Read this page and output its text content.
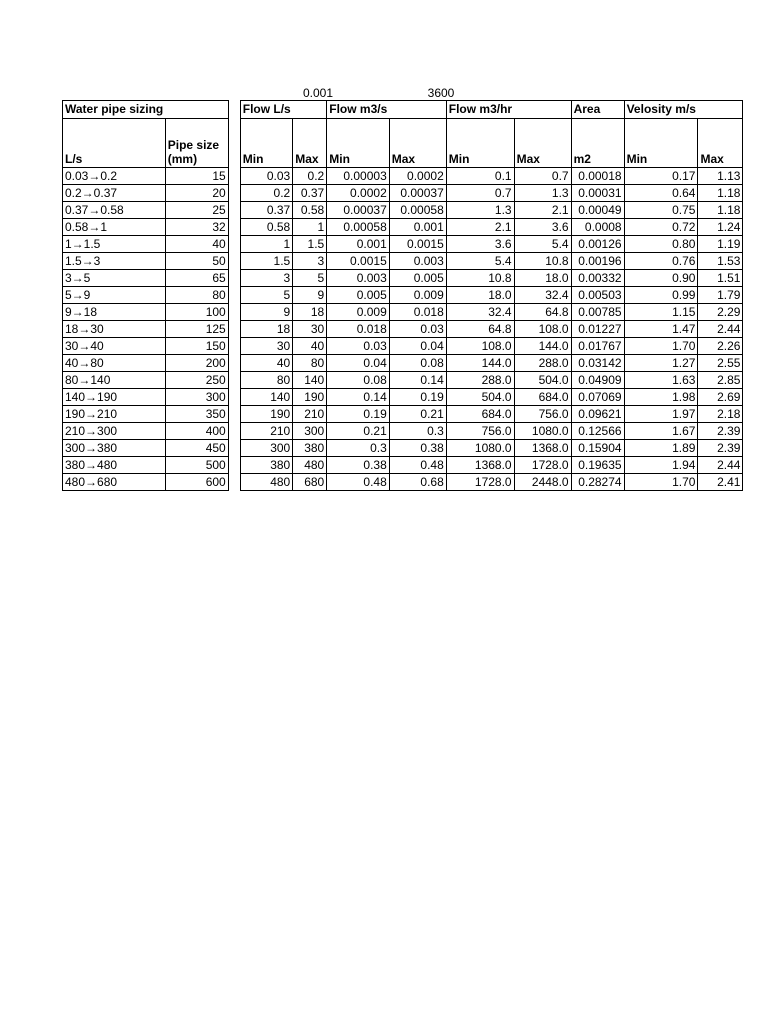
0.001	3600
Water pipe sizing			Flow L/s		Flow m3/s		Flow m3/hr		Area	Velosity m/s	
L/s	Pipe size (mm)		Min	Max	Min	Max	Min	Max	m2	Min	Max
0.03→0.2	15		0.03	0.2	0.00003	0.0002	0.1	0.7	0.00018	0.17	1.13
0.2→0.37	20		0.2	0.37	0.0002	0.00037	0.7	1.3	0.00031	0.64	1.18
0.37→0.58	25		0.37	0.58	0.00037	0.00058	1.3	2.1	0.00049	0.75	1.18
0.58→1	32		0.58	1	0.00058	0.001	2.1	3.6	0.0008	0.72	1.24
1→1.5	40		1	1.5	0.001	0.0015	3.6	5.4	0.00126	0.80	1.19
1.5→3	50		1.5	3	0.0015	0.003	5.4	10.8	0.00196	0.76	1.53
3→5	65		3	5	0.003	0.005	10.8	18.0	0.00332	0.90	1.51
5→9	80		5	9	0.005	0.009	18.0	32.4	0.00503	0.99	1.79
9→18	100		9	18	0.009	0.018	32.4	64.8	0.00785	1.15	2.29
18→30	125		18	30	0.018	0.03	64.8	108.0	0.01227	1.47	2.44
30→40	150		30	40	0.03	0.04	108.0	144.0	0.01767	1.70	2.26
40→80	200		40	80	0.04	0.08	144.0	288.0	0.03142	1.27	2.55
80→140	250		80	140	0.08	0.14	288.0	504.0	0.04909	1.63	2.85
140→190	300		140	190	0.14	0.19	504.0	684.0	0.07069	1.98	2.69
190→210	350		190	210	0.19	0.21	684.0	756.0	0.09621	1.97	2.18
210→300	400		210	300	0.21	0.3	756.0	1080.0	0.12566	1.67	2.39
300→380	450		300	380	0.3	0.38	1080.0	1368.0	0.15904	1.89	2.39
380→480	500		380	480	0.38	0.48	1368.0	1728.0	0.19635	1.94	2.44
480→680	600		480	680	0.48	0.68	1728.0	2448.0	0.28274	1.70	2.41
